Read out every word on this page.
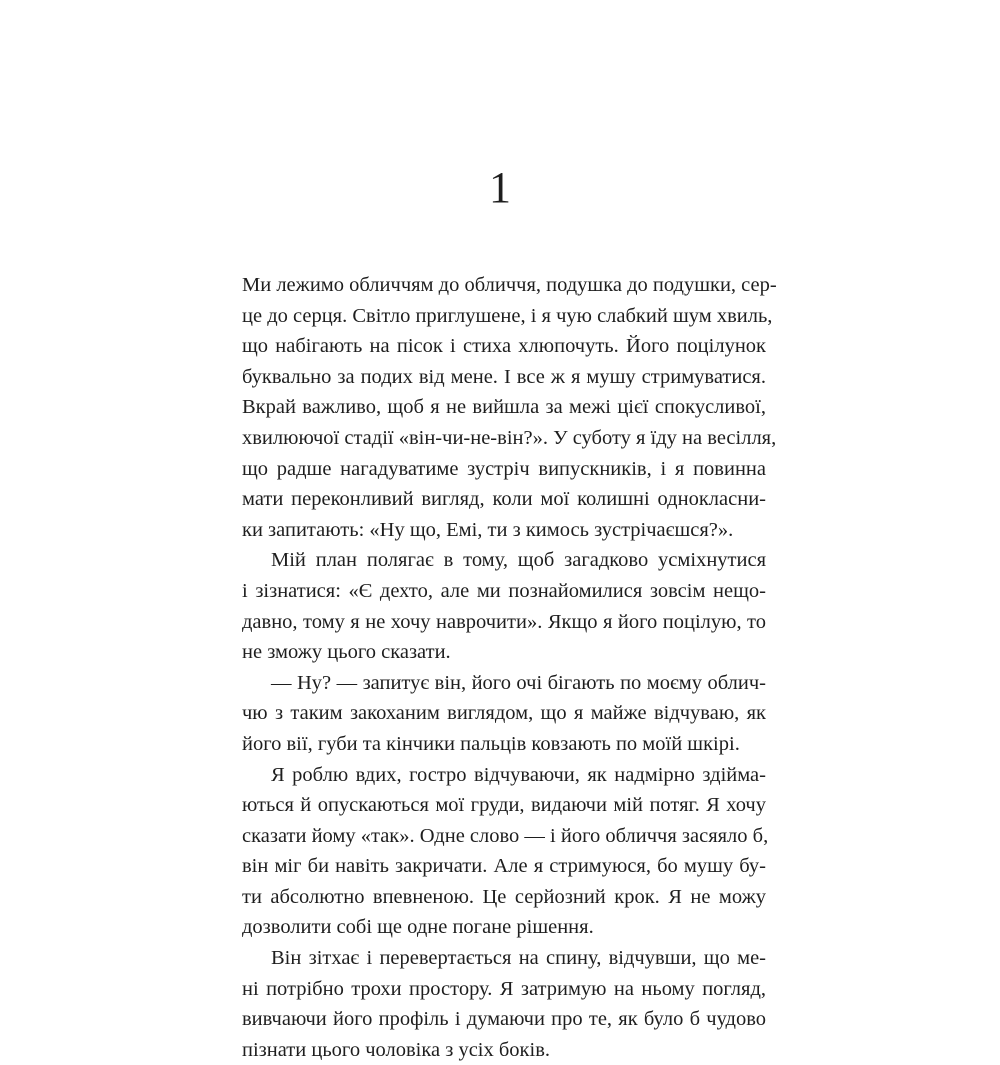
1
Ми лежимо обличчям до обличчя, подушка до подушки, сер-
це до серця. Світло приглушене, і я чую слабкий шум хвиль,
що набігають на пісок і стиха хлюпочуть. Його поцілунок
буквально за подих від мене. І все ж я мушу стримуватися.
Вкрай важливо, щоб я не вийшла за межі цієї спокусливої,
хвилюючої стадії «він-чи-не-він?». У суботу я їду на весілля,
що радше нагадуватиме зустріч випускників, і я повинна
мати переконливий вигляд, коли мої колишні однокласни-
ки запитають: «Ну що, Емі, ти з кимось зустрічаєшся?».
Мій план полягає в тому, щоб загадково усміхнутися
і зізнатися: «Є дехто, але ми познайомилися зовсім нещо-
давно, тому я не хочу наврочити». Якщо я його поцілую, то
не зможу цього сказати.
— Ну? — запитує він, його очі бігають по моєму облич-
чю з таким закоханим виглядом, що я майже відчуваю, як
його вії, губи та кінчики пальців ковзають по моїй шкірі.
Я роблю вдих, гостро відчуваючи, як надмірно здійма-
ються й опускаються мої груди, видаючи мій потяг. Я хочу
сказати йому «так». Одне слово — і його обличчя засяяло б,
він міг би навіть закричати. Але я стримуюся, бо мушу бу-
ти абсолютно впевненою. Це серйозний крок. Я не можу
дозволити собі ще одне погане рішення.
Він зітхає і перевертається на спину, відчувши, що ме-
ні потрібно трохи простору. Я затримую на ньому погляд,
вивчаючи його профіль і думаючи про те, як було б чудово
пізнати цього чоловіка з усіх боків.
